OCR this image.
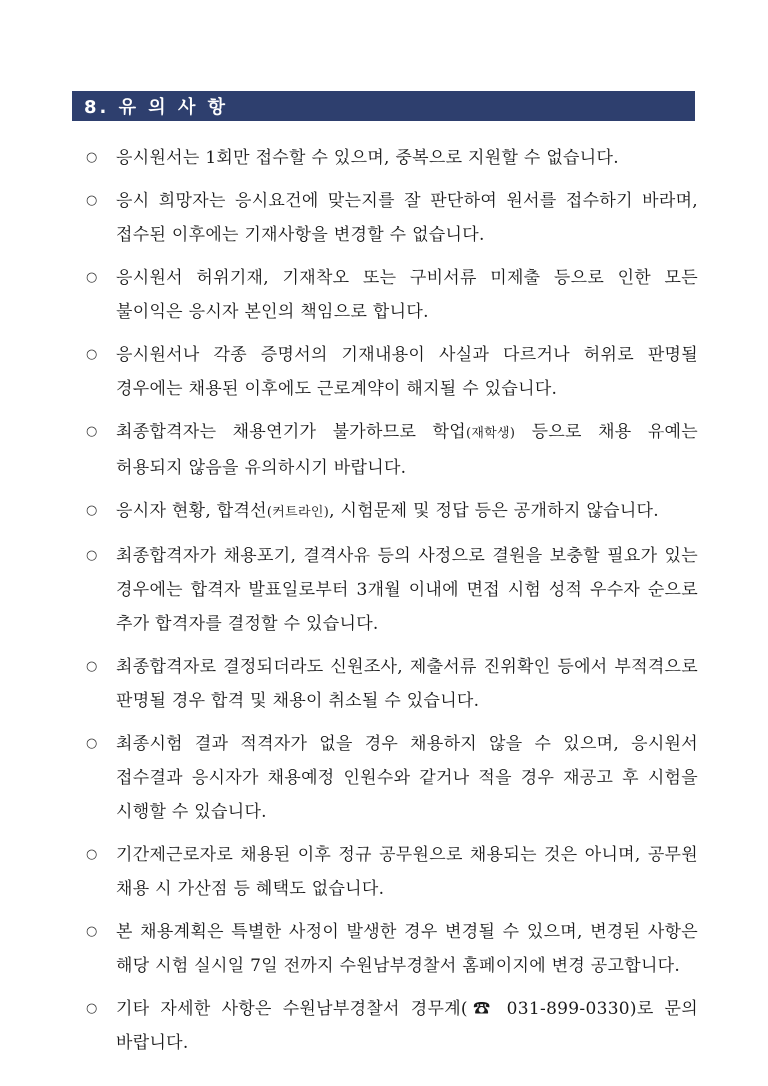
8. 유 의 사 항
○ 응시원서는 1회만 접수할 수 있으며, 중복으로 지원할 수 없습니다.
○ 응시 희망자는 응시요건에 맞는지를 잘 판단하여 원서를 접수하기 바라며, 접수된 이후에는 기재사항을 변경할 수 없습니다.
○ 응시원서 허위기재, 기재착오 또는 구비서류 미제출 등으로 인한 모든 불이익은 응시자 본인의 책임으로 합니다.
○ 응시원서나 각종 증명서의 기재내용이 사실과 다르거나 허위로 판명될 경우에는 채용된 이후에도 근로계약이 해지될 수 있습니다.
○ 최종합격자는 채용연기가 불가하므로 학업(재학생) 등으로 채용 유예는 허용되지 않음을 유의하시기 바랍니다.
○ 응시자 현황, 합격선(커트라인), 시험문제 및 정답 등은 공개하지 않습니다.
○ 최종합격자가 채용포기, 결격사유 등의 사정으로 결원을 보충할 필요가 있는 경우에는 합격자 발표일로부터 3개월 이내에 면접 시험 성적 우수자 순으로 추가 합격자를 결정할 수 있습니다.
○ 최종합격자로 결정되더라도 신원조사, 제출서류 진위확인 등에서 부적격으로 판명될 경우 합격 및 채용이 취소될 수 있습니다.
○ 최종시험 결과 적격자가 없을 경우 채용하지 않을 수 있으며, 응시원서 접수결과 응시자가 채용예정 인원수와 같거나 적을 경우 재공고 후 시험을 시행할 수 있습니다.
○ 기간제근로자로 채용된 이후 정규 공무원으로 채용되는 것은 아니며, 공무원 채용 시 가산점 등 혜택도 없습니다.
○ 본 채용계획은 특별한 사정이 발생한 경우 변경될 수 있으며, 변경된 사항은 해당 시험 실시일 7일 전까지 수원남부경찰서 홈페이지에 변경 공고합니다.
○ 기타 자세한 사항은 수원남부경찰서 경무계(☎ 031-899-0330)로 문의 바랍니다.
